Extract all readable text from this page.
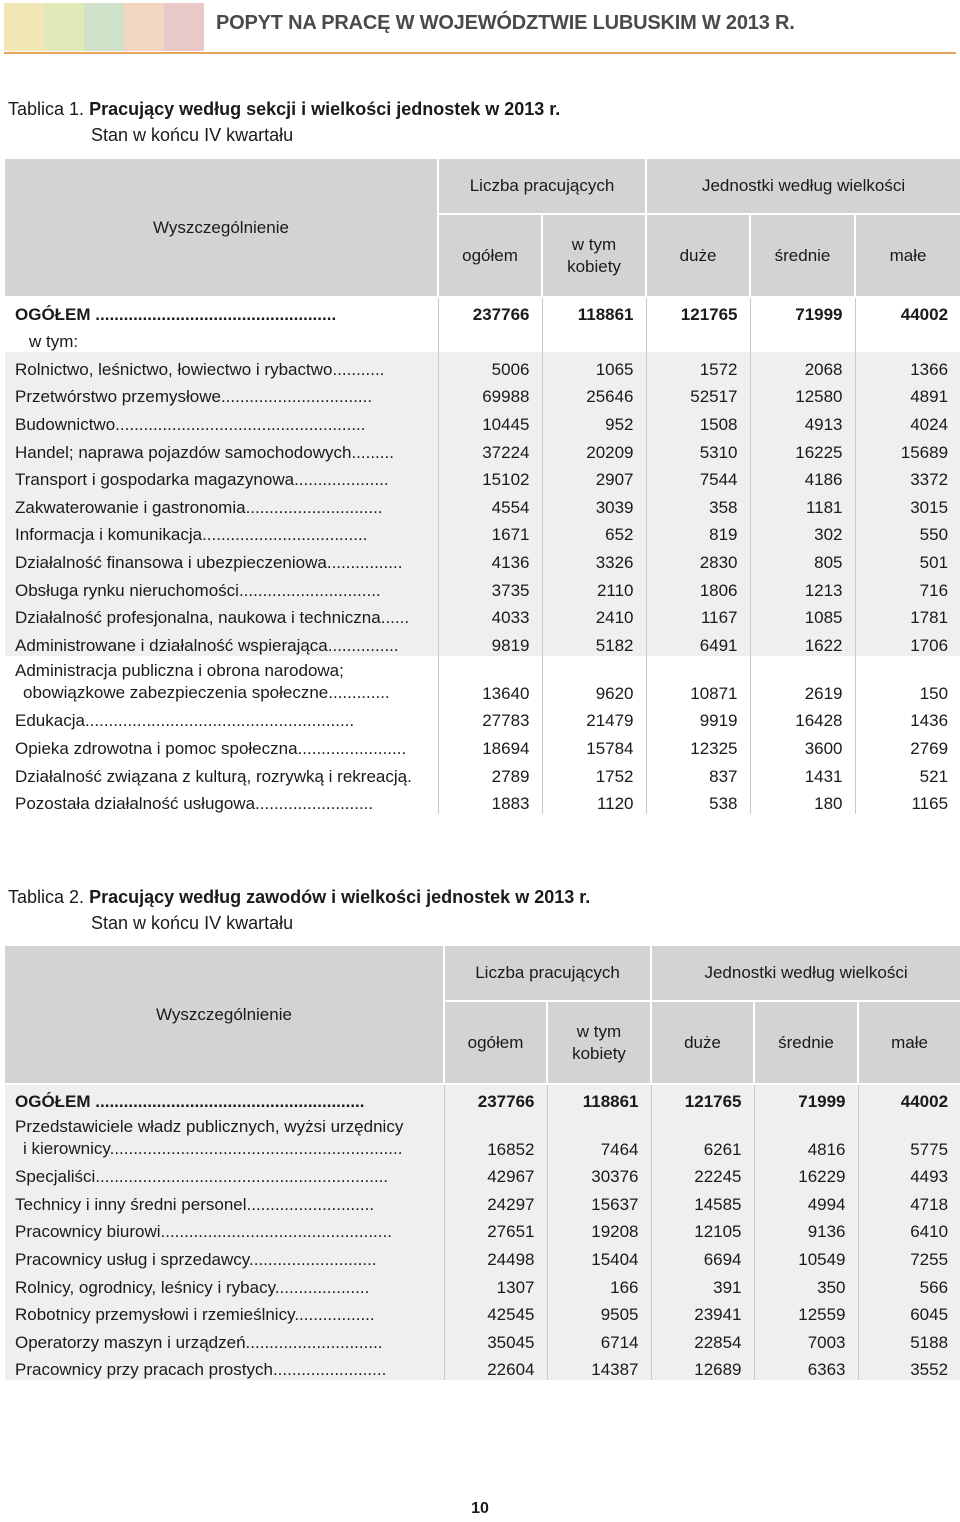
POPYT NA PRACĘ W WOJEWÓDZTWIE LUBUSKIM W 2013 R.
Tablica 1. Pracujący według sekcji i wielkości jednostek w 2013 r.
Stan w końcu IV kwartału
Wyszczególnienie	Liczba pracujących		Jednostki według wielkości		
	ogółem	w tym kobiety	duże	średnie	małe
OGÓŁEM ...................................................	237766	118861	121765	71999	44002
w tym:					
Rolnictwo, leśnictwo, łowiectwo i rybactwo...........	5006	1065	1572	2068	1366
Przetwórstwo przemysłowe................................	69988	25646	52517	12580	4891
Budownictwo.....................................................	10445	952	1508	4913	4024
Handel; naprawa pojazdów samochodowych.........	37224	20209	5310	16225	15689
Transport i gospodarka magazynowa....................	15102	2907	7544	4186	3372
Zakwaterowanie i gastronomia.............................	4554	3039	358	1181	3015
Informacja i komunikacja...................................	1671	652	819	302	550
Działalność finansowa i ubezpieczeniowa................	4136	3326	2830	805	501
Obsługa rynku nieruchomości..............................	3735	2110	1806	1213	716
Działalność profesjonalna, naukowa i techniczna......	4033	2410	1167	1085	1781
Administrowane i działalność wspierająca...............	9819	5182	6491	1622	1706

Administracja publiczna i obrona narodowa;
obowiązkowe zabezpieczenia społeczne.............	13640	9620	10871	2619	150
Edukacja.........................................................	27783	21479	9919	16428	1436
Opieka zdrowotna i pomoc społeczna.......................	18694	15784	12325	3600	2769
Działalność związana z kulturą, rozrywką i rekreacją.	2789	1752	837	1431	521
Pozostała działalność usługowa.........................	1883	1120	538	180	1165
Tablica 2. Pracujący według zawodów i wielkości jednostek w 2013 r.
Stan w końcu IV kwartału
Wyszczególnienie	Liczba pracujących		Jednostki według wielkości		
	ogółem	w tym kobiety	duże	średnie	małe
OGÓŁEM .........................................................	237766	118861	121765	71999	44002

Przedstawiciele władz publicznych, wyżsi urzędnicy
i kierownicy..............................................................	16852	7464	6261	4816	5775
Specjaliści..............................................................	42967	30376	22245	16229	4493
Technicy i inny średni personel...........................	24297	15637	14585	4994	4718
Pracownicy biurowi.................................................	27651	19208	12105	9136	6410
Pracownicy usług i sprzedawcy...........................	24498	15404	6694	10549	7255
Rolnicy, ogrodnicy, leśnicy i rybacy....................	1307	166	391	350	566
Robotnicy przemysłowi i rzemieślnicy.................	42545	9505	23941	12559	6045
Operatorzy maszyn i urządzeń.............................	35045	6714	22854	7003	5188
Pracownicy przy pracach prostych........................	22604	14387	12689	6363	3552
10
